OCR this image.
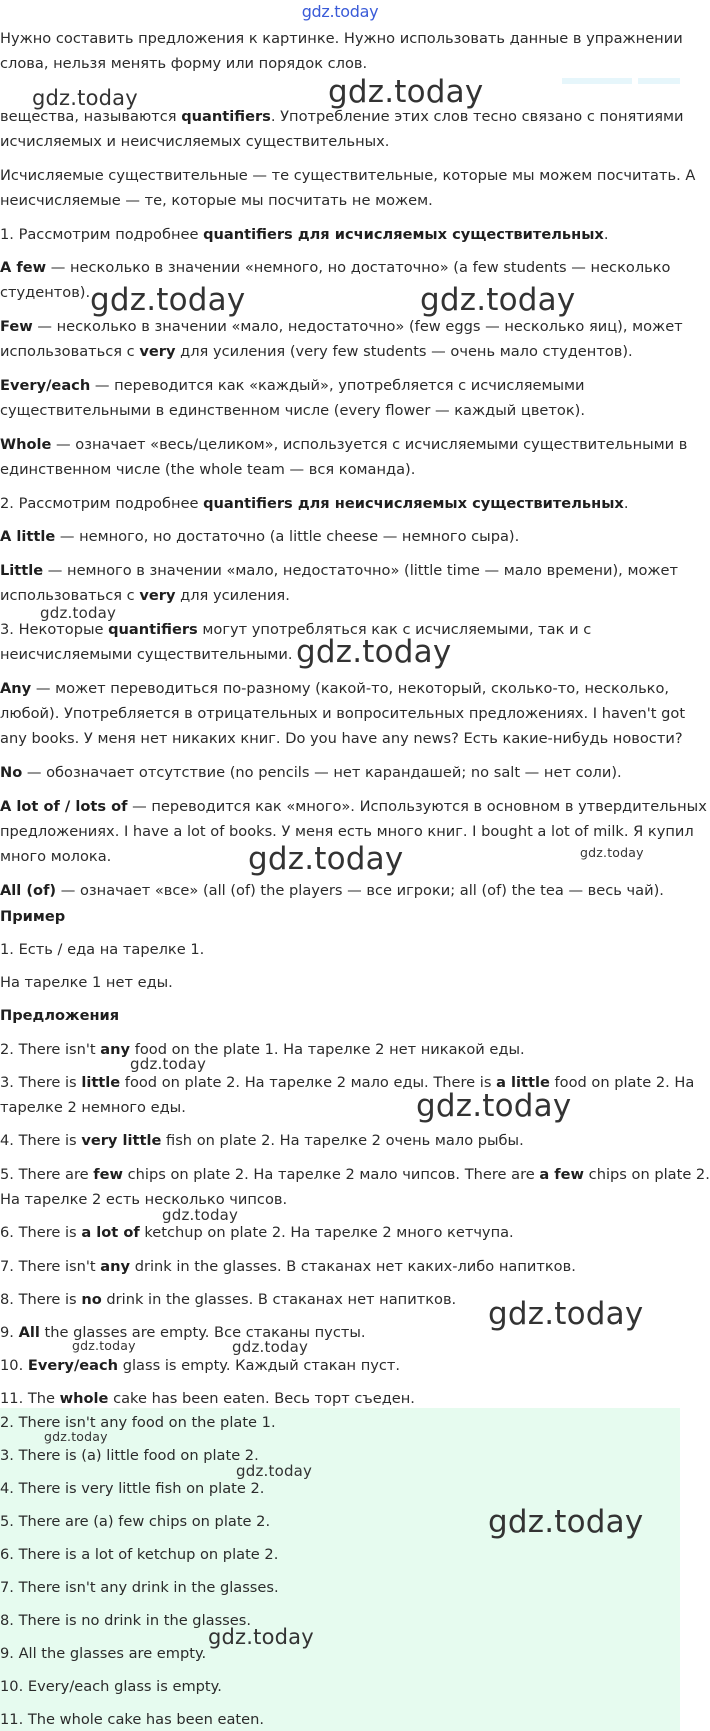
gdz.today
Нужно составить предложения к картинке. Нужно использовать данные в упражнении
слова, нельзя менять форму или порядок слов.
вещества, называются quantifiers. Употребление этих слов тесно связано с понятиями
исчисляемых и неисчисляемых существительных.
Исчисляемые существительные — те существительные, которые мы можем посчитать. А
неисчисляемые — те, которые мы посчитать не можем.
1. Рассмотрим подробнее quantifiers для исчисляемых существительных.
A few — несколько в значении «немного, но достаточно» (a few students — несколько
студентов).
Few — несколько в значении «мало, недостаточно» (few eggs — несколько яиц), может
использоваться с very для усиления (very few students — очень мало студентов).
Every/each — переводится как «каждый», употребляется с исчисляемыми
существительными в единственном числе (every flower — каждый цветок).
Whole — означает «весь/целиком», используется с исчисляемыми существительными в
единственном числе (the whole team — вся команда).
2. Рассмотрим подробнее quantifiers для неисчисляемых существительных.
A little — немного, но достаточно (a little cheese — немного сыра).
Little — немного в значении «мало, недостаточно» (little time — мало времени), может
использоваться с very для усиления.
3. Некоторые quantifiers могут употребляться как с исчисляемыми, так и с
неисчисляемыми существительными.
Any — может переводиться по-разному (какой-то, некоторый, сколько-то, несколько,
любой). Употребляется в отрицательных и вопросительных предложениях. I haven't got
any books. У меня нет никаких книг. Do you have any news? Есть какие-нибудь новости?
No — обозначает отсутствие (no pencils — нет карандашей; no salt — нет соли).
A lot of / lots of — переводится как «много». Используются в основном в утвердительных
предложениях. I have a lot of books. У меня есть много книг. I bought a lot of milk. Я купил
много молока.
All (of) — означает «все» (all (of) the players — все игроки; all (of) the tea — весь чай).
Пример
1. Есть / еда на тарелке 1.
На тарелке 1 нет еды.
Предложения
2. There isn't any food on the plate 1. На тарелке 2 нет никакой еды.
3. There is little food on plate 2. На тарелке 2 мало еды. There is a little food on plate 2. На
тарелке 2 немного еды.
4. There is very little fish on plate 2. На тарелке 2 очень мало рыбы.
5. There are few chips on plate 2. На тарелке 2 мало чипсов. There are a few chips on plate 2.
На тарелке 2 есть несколько чипсов.
6. There is a lot of ketchup on plate 2. На тарелке 2 много кетчупа.
7. There isn't any drink in the glasses. В стаканах нет каких-либо напитков.
8. There is no drink in the glasses. В стаканах нет напитков.
9. All the glasses are empty. Все стаканы пусты.
10. Every/each glass is empty. Каждый стакан пуст.
11. The whole cake has been eaten. Весь торт съеден.
2. There isn't any food on the plate 1.
3. There is (a) little food on plate 2.
4. There is very little fish on plate 2.
5. There are (a) few chips on plate 2.
6. There is a lot of ketchup on plate 2.
7. There isn't any drink in the glasses.
8. There is no drink in the glasses.
9. All the glasses are empty.
10. Every/each glass is empty.
11. The whole cake has been eaten.
gdz.today	gdz.today
gdz.today	gdz.today
gdz.today
gdz.today
gdz.today	gdz.today
gdz.today
gdz.today
gdz.today
gdz.today
gdz.today	gdz.today
gdz.today
gdz.today
gdz.today
gdz.today
